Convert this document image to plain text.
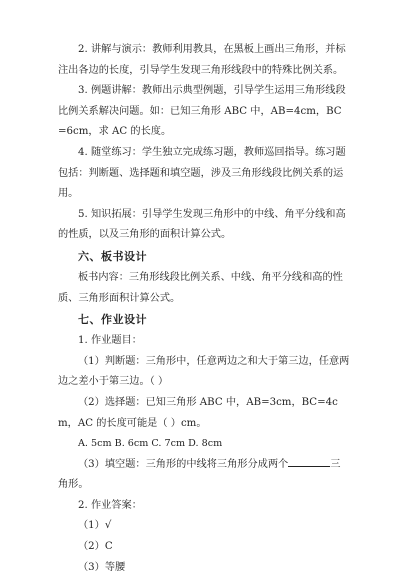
2. 讲解与演示：教师利用教具，在黑板上画出三角形，并标注出各边的长度，引导学生发现三角形线段中的特殊比例关系。

3. 例题讲解：教师出示典型例题，引导学生运用三角形线段比例关系解决问题。如：已知三角形 ABC 中，AB=4cm，BC=6cm，求 AC 的长度。

4. 随堂练习：学生独立完成练习题，教师巡回指导。练习题包括：判断题、选择题和填空题，涉及三角形线段比例关系的运用。

5. 知识拓展：引导学生发现三角形中的中线、角平分线和高的性质，以及三角形的面积计算公式。

六、板书设计

板书内容：三角形线段比例关系、中线、角平分线和高的性质、三角形面积计算公式。

七、作业设计

1. 作业题目：

（1）判断题：三角形中，任意两边之和大于第三边，任意两边之差小于第三边。（ ）

（2）选择题：已知三角形 ABC 中，AB=3cm，BC=4cm，AC 的长度可能是（ ）cm。

A. 5cm B. 6cm C. 7cm D. 8cm

（3）填空题：三角形的中线将三角形分成两个	三角形。

2. 作业答案：

（1）√

（2）C

（3）等腰
